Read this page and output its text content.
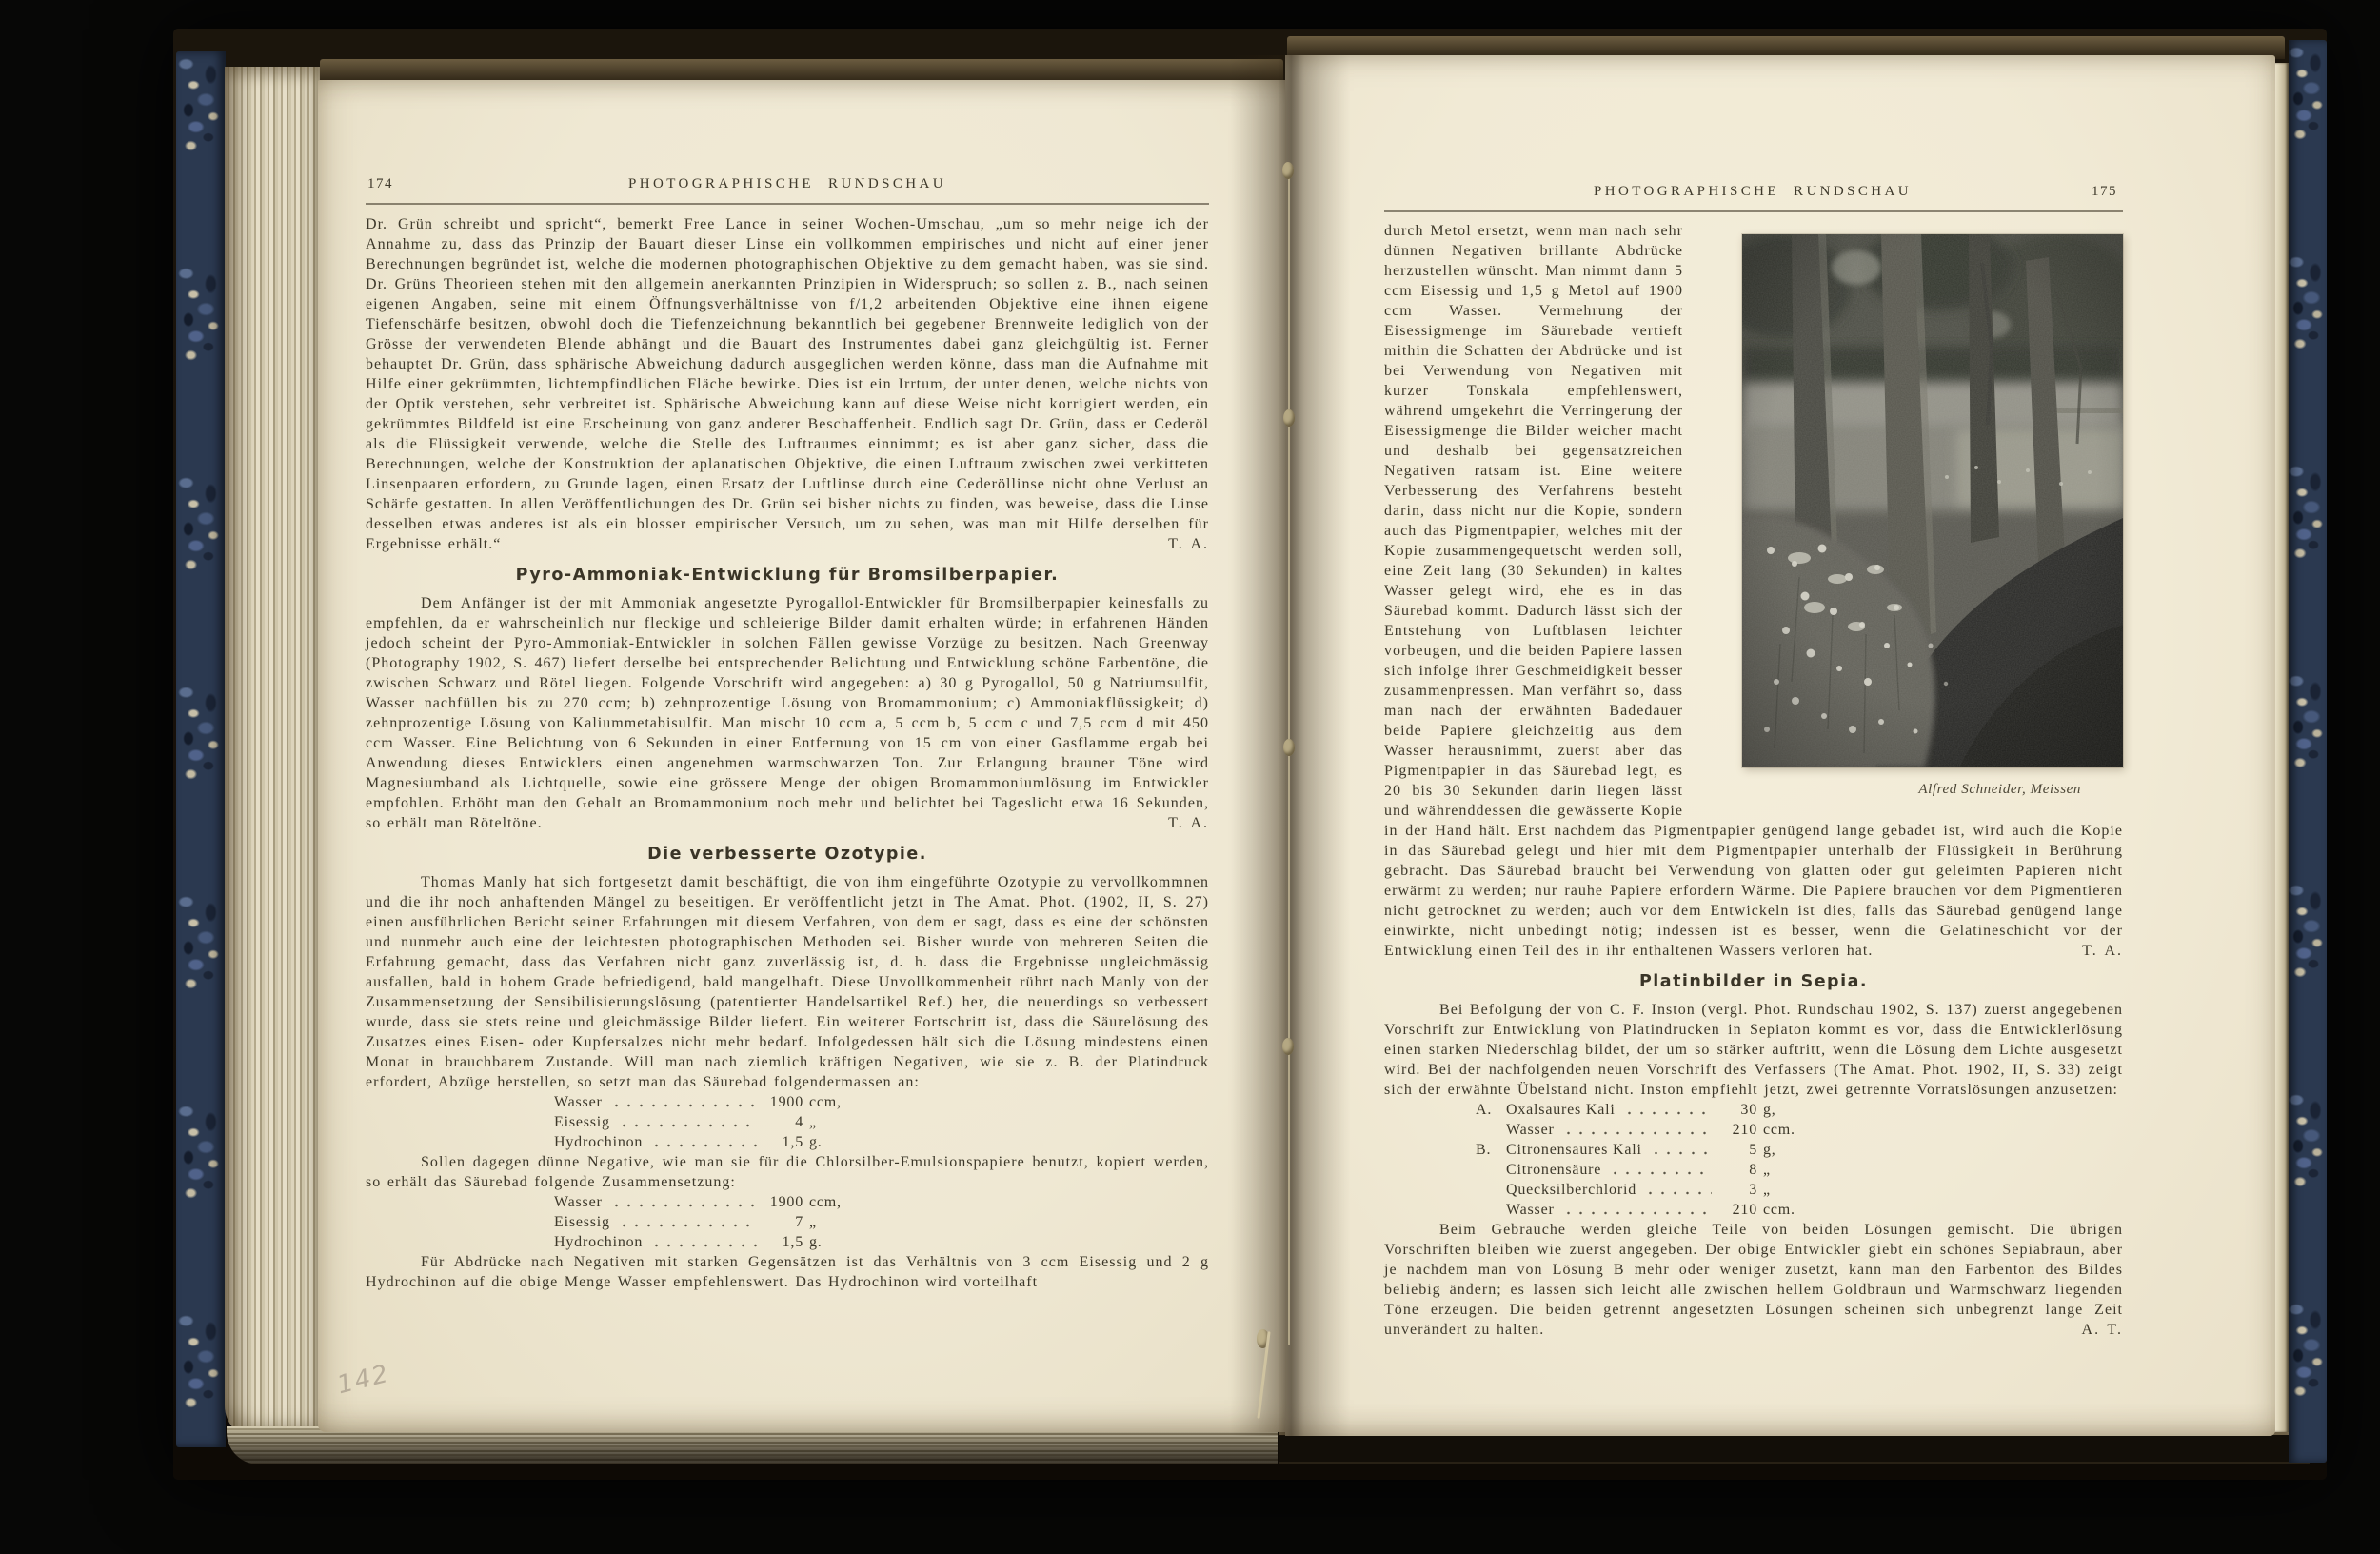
174	PHOTOGRAPHISCHE RUNDSCHAU

Dr. Grün schreibt und spricht“, bemerkt Free Lance in seiner Wochen-Umschau, „um so mehr neige ich der Annahme zu, dass das Prinzip der Bauart dieser Linse ein vollkommen empirisches und nicht auf einer jener Berechnungen begründet ist, welche die modernen photographischen Objektive zu dem gemacht haben, was sie sind. Dr. Grüns Theorieen stehen mit den allgemein anerkannten Prinzipien in Widerspruch; so sollen z. B., nach seinen eigenen Angaben, seine mit einem Öffnungsverhältnisse von f/1,2 arbeitenden Objektive eine ihnen eigene Tiefenschärfe besitzen, obwohl doch die Tiefenzeichnung bekanntlich bei gegebener Brennweite lediglich von der Grösse der verwendeten Blende abhängt und die Bauart des Instrumentes dabei ganz gleichgültig ist. Ferner behauptet Dr. Grün, dass sphärische Abweichung dadurch ausgeglichen werden könne, dass man die Aufnahme mit Hilfe einer gekrümmten, lichtempfindlichen Fläche bewirke. Dies ist ein Irrtum, der unter denen, welche nichts von der Optik verstehen, sehr verbreitet ist. Sphärische Abweichung kann auf diese Weise nicht korrigiert werden, ein gekrümmtes Bildfeld ist eine Erscheinung von ganz anderer Beschaffenheit. Endlich sagt Dr. Grün, dass er Cederöl als die Flüssigkeit verwende, welche die Stelle des Luftraumes einnimmt; es ist aber ganz sicher, dass die Berechnungen, welche der Konstruktion der aplanatischen Objektive, die einen Luftraum zwischen zwei verkitteten Linsenpaaren erfordern, zu Grunde lagen, einen Ersatz der Luftlinse durch eine Cederöllinse nicht ohne Verlust an Schärfe gestatten. In allen Veröffentlichungen des Dr. Grün sei bisher nichts zu finden, was beweise, dass die Linse desselben etwas anderes ist als ein blosser empirischer Versuch, um zu sehen, was man mit Hilfe derselben für Ergebnisse erhält.“	T. A.

Pyro-Ammoniak-Entwicklung für Bromsilberpapier.

Dem Anfänger ist der mit Ammoniak angesetzte Pyrogallol-Entwickler für Bromsilberpapier keinesfalls zu empfehlen, da er wahrscheinlich nur fleckige und schleierige Bilder damit erhalten würde; in erfahrenen Händen jedoch scheint der Pyro-Ammoniak-Entwickler in solchen Fällen gewisse Vorzüge zu besitzen. Nach Greenway (Photography 1902, S. 467) liefert derselbe bei entsprechender Belichtung und Entwicklung schöne Farbentöne, die zwischen Schwarz und Rötel liegen. Folgende Vorschrift wird angegeben: a) 30 g Pyrogallol, 50 g Natriumsulfit, Wasser nachfüllen bis zu 270 ccm; b) zehnprozentige Lösung von Bromammonium; c) Ammoniakflüssigkeit; d) zehnprozentige Lösung von Kaliummetabisulfit. Man mischt 10 ccm a, 5 ccm b, 5 ccm c und 7,5 ccm d mit 450 ccm Wasser. Eine Belichtung von 6 Sekunden in einer Entfernung von 15 cm von einer Gasflamme ergab bei Anwendung dieses Entwicklers einen angenehmen warmschwarzen Ton. Zur Erlangung brauner Töne wird Magnesiumband als Lichtquelle, sowie eine grössere Menge der obigen Bromammoniumlösung im Entwickler empfohlen. Erhöht man den Gehalt an Bromammonium noch mehr und belichtet bei Tageslicht etwa 16 Sekunden, so erhält man Röteltöne.	T. A.

Die verbesserte Ozotypie.

Thomas Manly hat sich fortgesetzt damit beschäftigt, die von ihm eingeführte Ozotypie zu vervollkommnen und die ihr noch anhaftenden Mängel zu beseitigen. Er veröffentlicht jetzt in The Amat. Phot. (1902, II, S. 27) einen ausführlichen Bericht seiner Erfahrungen mit diesem Verfahren, von dem er sagt, dass es eine der schönsten und nunmehr auch eine der leichtesten photographischen Methoden sei. Bisher wurde von mehreren Seiten die Erfahrung gemacht, dass das Verfahren nicht ganz zuverlässig ist, d. h. dass die Ergebnisse ungleichmässig ausfallen, bald in hohem Grade befriedigend, bald mangelhaft. Diese Unvollkommenheit rührt nach Manly von der Zusammensetzung der Sensibilisierungslösung (patentierter Handelsartikel Ref.) her, die neuerdings so verbessert wurde, dass sie stets reine und gleichmässige Bilder liefert. Ein weiterer Fortschritt ist, dass die Säurelösung des Zusatzes eines Eisen- oder Kupfersalzes nicht mehr bedarf. Infolgedessen hält sich die Lösung mindestens einen Monat in brauchbarem Zustande. Will man nach ziemlich kräftigen Negativen, wie sie z. B. der Platindruck erfordert, Abzüge herstellen, so setzt man das Säurebad folgendermassen an:

Wasser	1900 ccm,
Eisessig	4 „
Hydrochinon	1,5 g.

Sollen dagegen dünne Negative, wie man sie für die Chlorsilber-Emulsionspapiere benutzt, kopiert werden, so erhält das Säurebad folgende Zusammensetzung:

Wasser	1900 ccm,
Eisessig	7 „
Hydrochinon	1,5 g.

Für Abdrücke nach Negativen mit starken Gegensätzen ist das Verhältnis von 3 ccm Eisessig und 2 g Hydrochinon auf die obige Menge Wasser empfehlenswert. Das Hydrochinon wird vorteilhaft

142
PHOTOGRAPHISCHE RUNDSCHAU	175
Alfred Schneider, Meissen

durch Metol ersetzt, wenn man nach sehr dünnen Negativen brillante Abdrücke herzustellen wünscht. Man nimmt dann 5 ccm Eisessig und 1,5 g Metol auf 1900 ccm Wasser. Vermehrung der Eisessigmenge im Säurebade vertieft mithin die Schatten der Abdrücke und ist bei Verwendung von Negativen mit kurzer Tonskala empfehlenswert, während umgekehrt die Verringerung der Eisessigmenge die Bilder weicher macht und deshalb bei gegensatzreichen Negativen ratsam ist. Eine weitere Verbesserung des Verfahrens besteht darin, dass nicht nur die Kopie, sondern auch das Pigmentpapier, welches mit der Kopie zusammengequetscht werden soll, eine Zeit lang (30 Sekunden) in kaltes Wasser gelegt wird, ehe es in das Säurebad kommt. Dadurch lässt sich der Entstehung von Luftblasen leichter vorbeugen, und die beiden Papiere lassen sich infolge ihrer Geschmeidigkeit besser zusammenpressen. Man verfährt so, dass man nach der erwähnten Badedauer beide Papiere gleichzeitig aus dem Wasser herausnimmt, zuerst aber das Pigmentpapier in das Säurebad legt, es 20 bis 30 Sekunden darin liegen lässt und währenddessen die gewässerte Kopie in der Hand hält. Erst nachdem das Pigmentpapier genügend lange gebadet ist, wird auch die Kopie in das Säurebad gelegt und hier mit dem Pigmentpapier unterhalb der Flüssigkeit in Berührung gebracht. Das Säurebad braucht bei Verwendung von glatten oder gut geleimten Papieren nicht erwärmt zu werden; nur rauhe Papiere erfordern Wärme. Die Papiere brauchen vor dem Pigmentieren nicht getrocknet zu werden; auch vor dem Entwickeln ist dies, falls das Säurebad genügend lange einwirkte, nicht unbedingt nötig; indessen ist es besser, wenn die Gelatineschicht vor der Entwicklung einen Teil des in ihr enthaltenen Wassers verloren hat.	T. A.

Platinbilder in Sepia.

Bei Befolgung der von C. F. Inston (vergl. Phot. Rundschau 1902, S. 137) zuerst angegebenen Vorschrift zur Entwicklung von Platindrucken in Sepiaton kommt es vor, dass die Entwicklerlösung einen starken Niederschlag bildet, der um so stärker auftritt, wenn die Lösung dem Lichte ausgesetzt wird. Bei der nachfolgenden neuen Vorschrift des Verfassers (The Amat. Phot. 1902, II, S. 33) zeigt sich der erwähnte Übelstand nicht. Inston empfiehlt jetzt, zwei getrennte Vorratslösungen anzusetzen:

A. Oxalsaures Kali	30 g,
Wasser	210 ccm.
B. Citronensaures Kali	5 g,
Citronensäure	8 „
Quecksilberchlorid	3 „
Wasser	210 ccm.

Beim Gebrauche werden gleiche Teile von beiden Lösungen gemischt. Die übrigen Vorschriften bleiben wie zuerst angegeben. Der obige Entwickler giebt ein schönes Sepiabraun, aber je nachdem man von Lösung B mehr oder weniger zusetzt, kann man den Farbenton des Bildes beliebig ändern; es lassen sich leicht alle zwischen hellem Goldbraun und Warmschwarz liegenden Töne erzeugen. Die beiden getrennt angesetzten Lösungen scheinen sich unbegrenzt lange Zeit unverändert zu halten.	A. T.
